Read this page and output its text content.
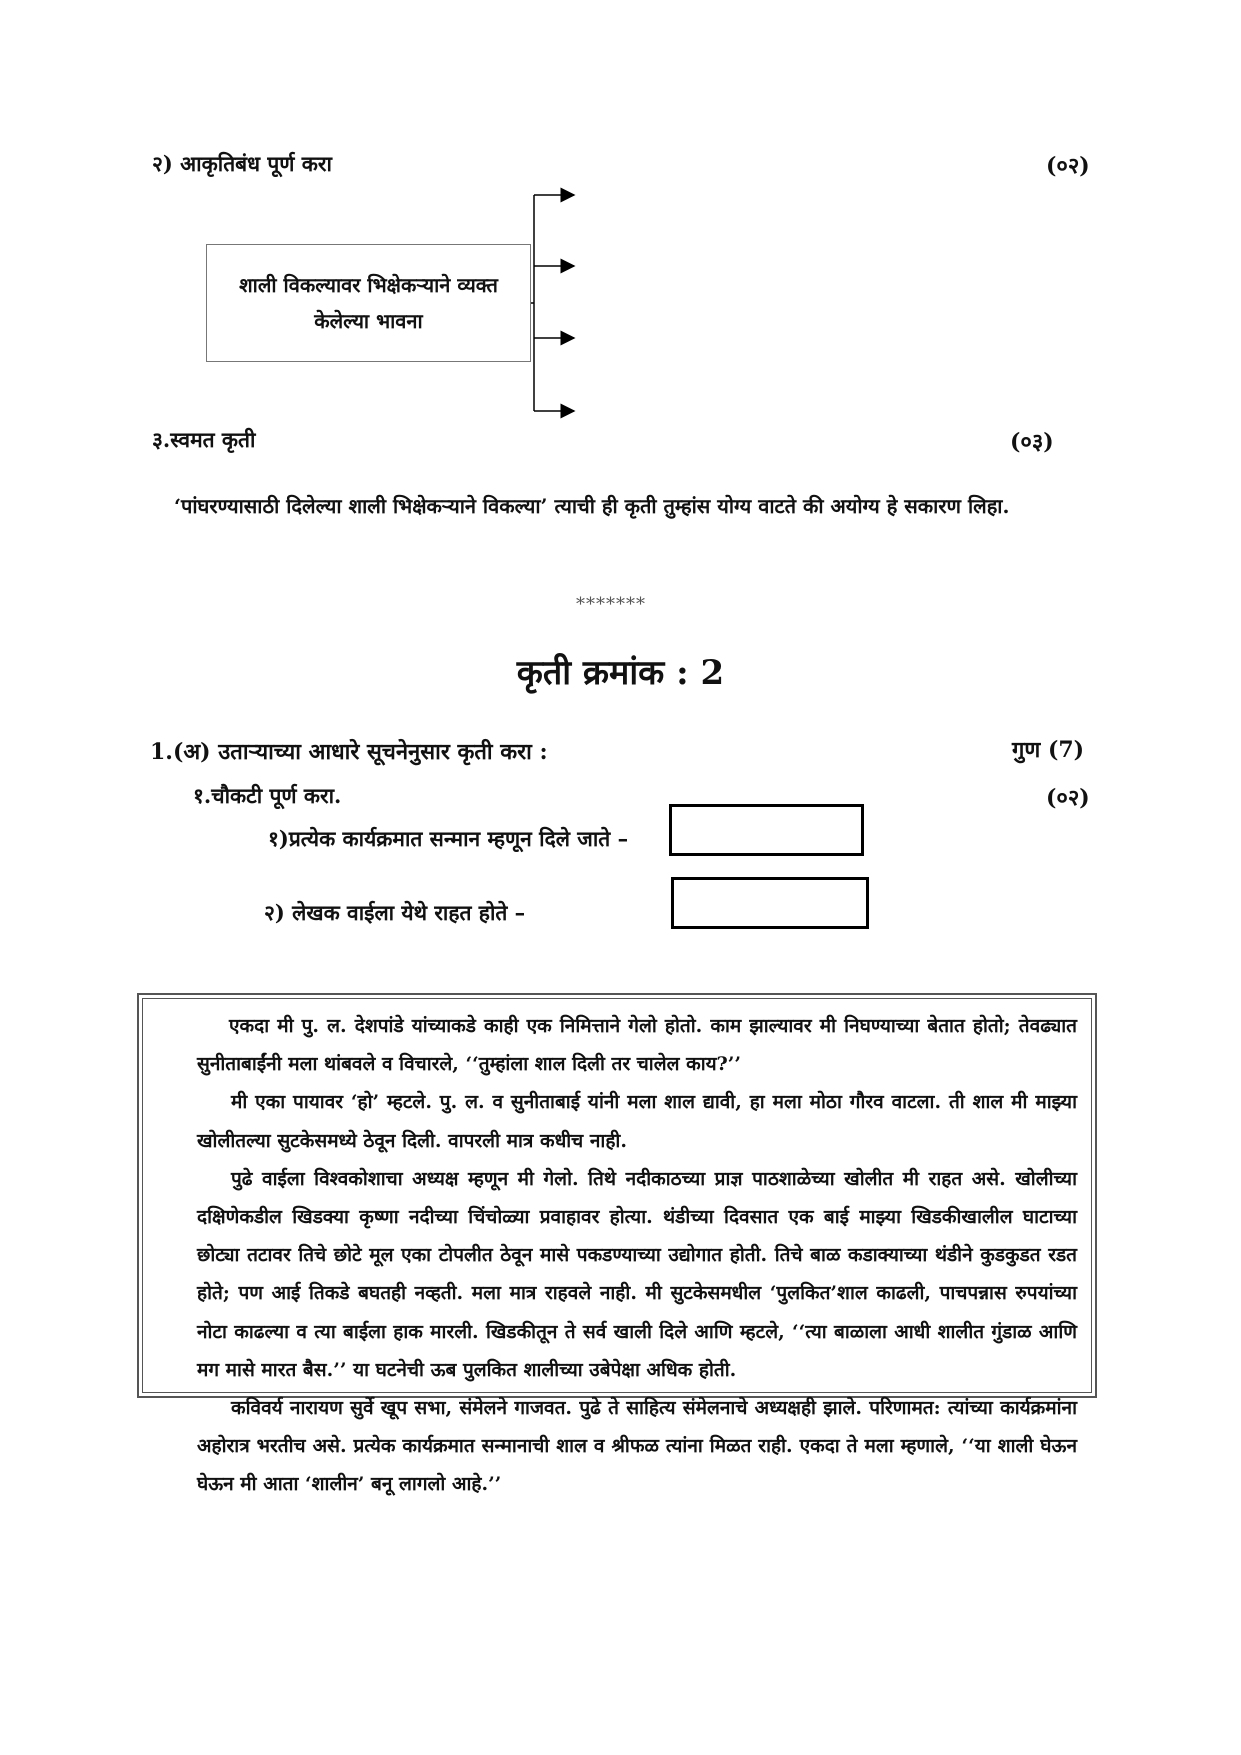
२) आकृतिबंध पूर्ण करा	(०२)
शाली विकल्यावर भिक्षेकऱ्याने व्यक्त
केलेल्या भावना
३.स्वमत कृती	(०३)
‘पांघरण्यासाठी दिलेल्या शाली भिक्षेकऱ्याने विकल्या’ त्याची ही कृती तुम्हांस योग्य वाटते की अयोग्य हे सकारण लिहा.
*******
कृती क्रमांक : 2
1.(अ) उताऱ्याच्या आधारे सूचनेनुसार कृती करा :	गुण (7)
१.चौकटी पूर्ण करा.	(०२)
१)प्रत्येक कार्यक्रमात सन्मान म्हणून दिले जाते –
२) लेखक वाईला येथे राहत होते –

एकदा मी पु. ल. देशपांडे यांच्याकडे काही एक निमित्ताने गेलो होतो. काम झाल्यावर मी निघण्याच्या बेतात होतो; तेवढ्यात सुनीताबाईंनी मला थांबवले व विचारले, ‘‘तुम्हांला शाल दिली तर चालेल काय?’’

मी एका पायावर ‘हो’ म्हटले. पु. ल. व सुनीताबाई यांनी मला शाल द्यावी, हा मला मोठा गौरव वाटला. ती शाल मी माझ्या खोलीतल्या सुटकेसमध्ये ठेवून दिली. वापरली मात्र कधीच नाही.

पुढे वाईला विश्वकोशाचा अध्यक्ष म्हणून मी गेलो. तिथे नदीकाठच्या प्राज्ञ पाठशाळेच्या खोलीत मी राहत असे. खोलीच्या दक्षिणेकडील खिडक्या कृष्णा नदीच्या चिंचोळ्या प्रवाहावर होत्या. थंडीच्या दिवसात एक बाई माझ्या खिडकीखालील घाटाच्या छोट्या तटावर तिचे छोटे मूल एका टोपलीत ठेवून मासे पकडण्याच्या उद्योगात होती. तिचे बाळ कडाक्याच्या थंडीने कुडकुडत रडत होते; पण आई तिकडे बघतही नव्हती. मला मात्र राहवले नाही. मी सुटकेसमधील ‘पुलकित’शाल काढली, पाचपन्नास रुपयांच्या नोटा काढल्या व त्या बाईला हाक मारली. खिडकीतून ते सर्व खाली दिले आणि म्हटले, ‘‘त्या बाळाला आधी शालीत गुंडाळ आणि मग मासे मारत बैस.’’ या घटनेची ऊब पुलकित शालीच्या उबेपेक्षा अधिक होती.

कविवर्य नारायण सुर्वे खूप सभा, संमेलने गाजवत. पुढे ते साहित्य संमेलनाचे अध्यक्षही झाले. परिणामत: त्यांच्या कार्यक्रमांना अहोरात्र भरतीच असे. प्रत्येक कार्यक्रमात सन्मानाची शाल व श्रीफळ त्यांना मिळत राही. एकदा ते मला म्हणाले, ‘‘या शाली घेऊन घेऊन मी आता ‘शालीन’ बनू लागलो आहे.’’
